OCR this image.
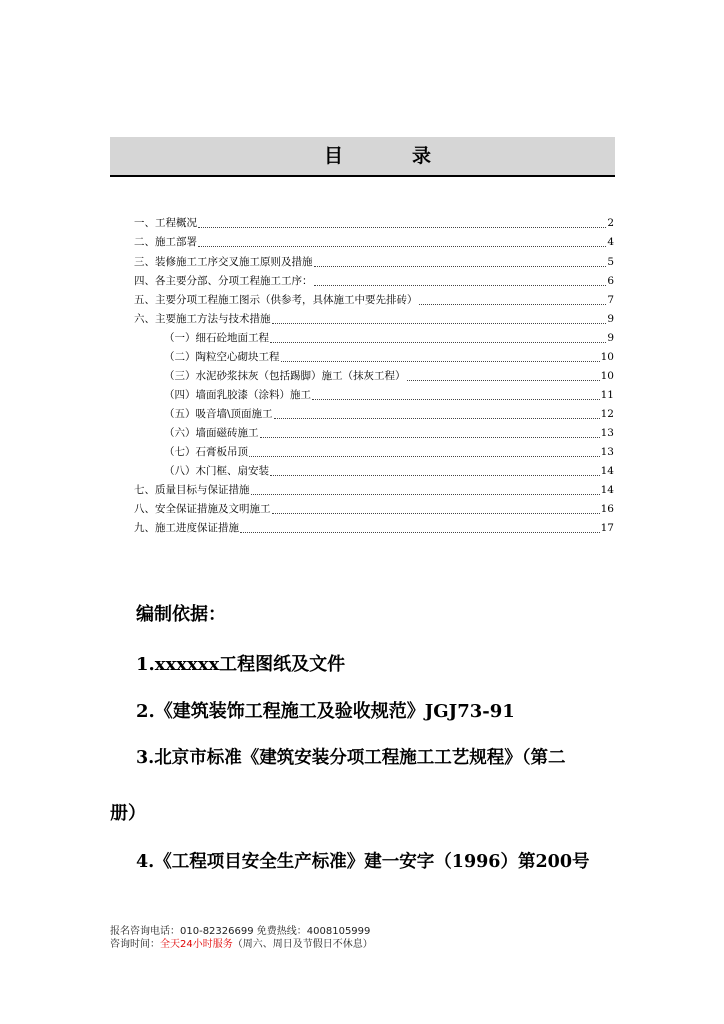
目	录
一、工程概况	2
二、施工部署	4
三、装修施工工序交叉施工原则及措施	5
四、各主要分部、分项工程施工工序：	6
五、主要分项工程施工图示（供参考，具体施工中要先排砖）	7
六、主要施工方法与技术措施	9
（一）细石砼地面工程	9
（二）陶粒空心砌块工程	10
（三）水泥砂浆抹灰（包括踢脚）施工（抹灰工程）	10
（四）墙面乳胶漆（涂料）施工	11
（五）吸音墙\顶面施工	12
（六）墙面磁砖施工	13
（七）石膏板吊顶	13
（八）木门框、扇安装	14
七、质量目标与保证措施	14
八、安全保证措施及文明施工	16
九、施工进度保证措施	17
编制依据：
1.xxxxxx工程图纸及文件
2.《建筑装饰工程施工及验收规范》JGJ73-91
3.北京市标准《建筑安装分项工程施工工艺规程》（第二
册）
4.《工程项目安全生产标准》建一安字（1996）第200号
报名咨询电话：010-82326699 免费热线：4008105999
咨询时间：全天24小时服务（周六、周日及节假日不休息）
